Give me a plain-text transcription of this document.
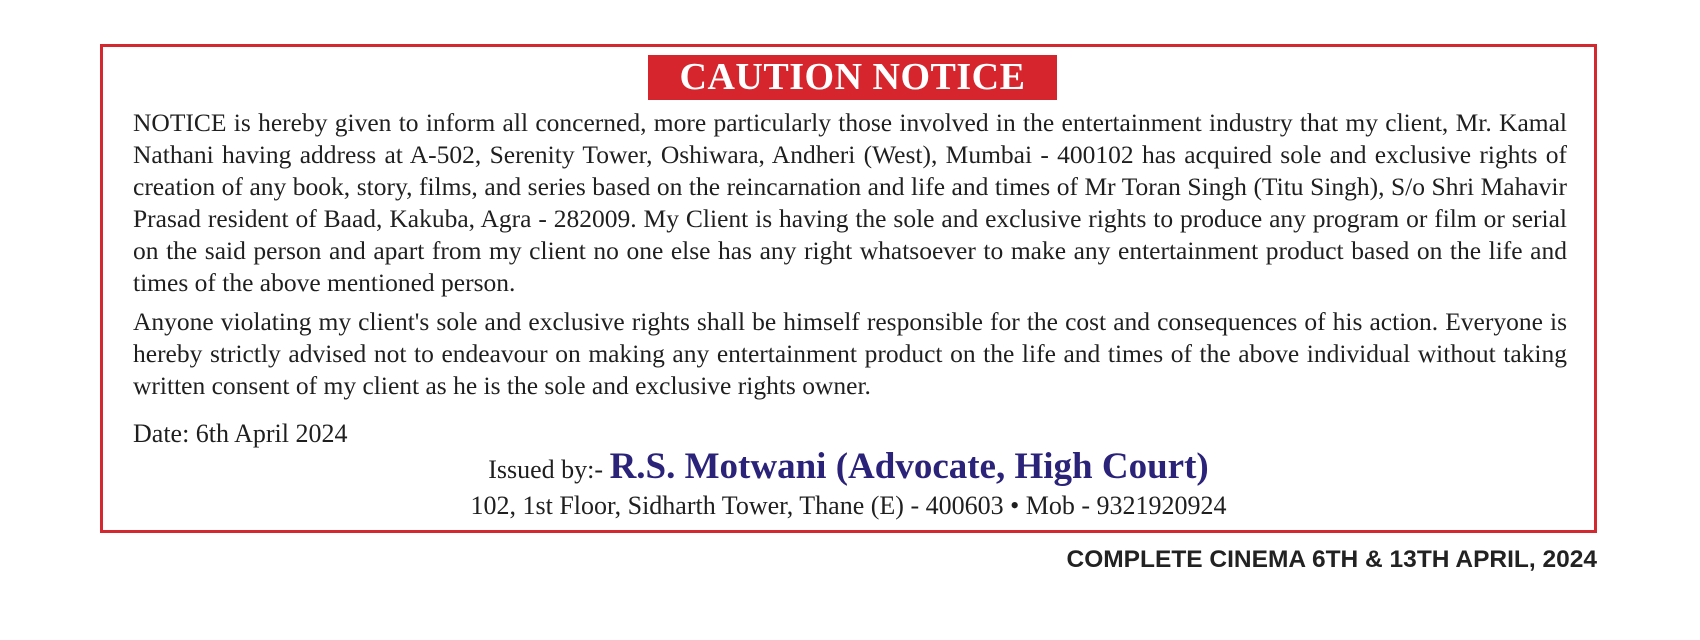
CAUTION NOTICE

NOTICE is hereby given to inform all concerned, more particularly those involved in the entertainment industry that my client, Mr. Kamal Nathani having address at A-502, Serenity Tower, Oshiwara, Andheri (West), Mumbai - 400102 has acquired sole and exclusive rights of creation of any book, story, films, and series based on the reincarnation and life and times of Mr Toran Singh (Titu Singh), S/o Shri Mahavir Prasad resident of Baad, Kakuba, Agra - 282009. My Client is having the sole and exclusive rights to produce any program or film or serial on the said person and apart from my client no one else has any right whatsoever to make any entertainment product based on the life and times of the above mentioned person.

Anyone violating my client's sole and exclusive rights shall be himself responsible for the cost and consequences of his action. Everyone is hereby strictly advised not to endeavour on making any entertainment product on the life and times of the above individual without taking written consent of my client as he is the sole and exclusive rights owner.

Date: 6th April 2024

Issued by:- R.S. Motwani (Advocate, High Court)
102, 1st Floor, Sidharth Tower, Thane (E) - 400603 • Mob - 9321920924
COMPLETE CINEMA 6TH & 13TH APRIL, 2024
